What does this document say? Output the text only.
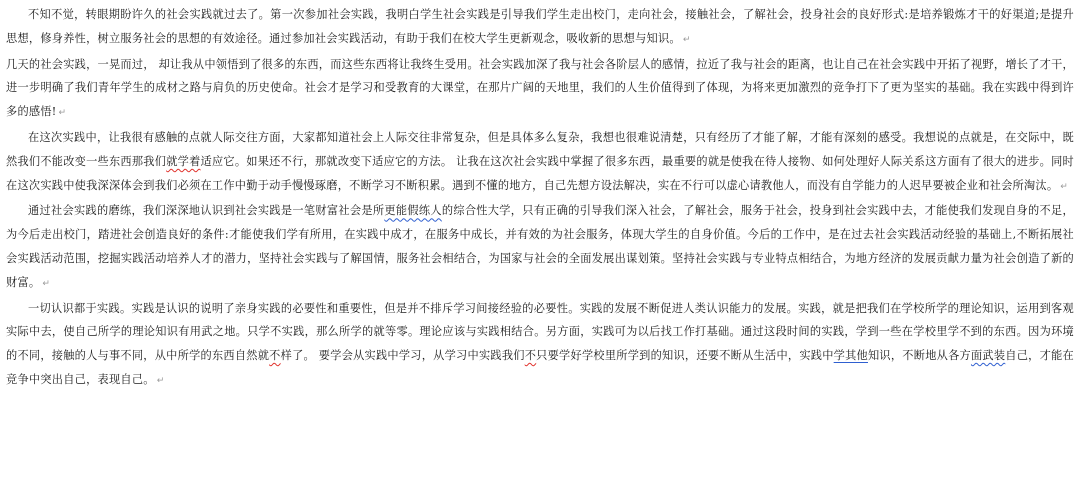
不知不觉，转眼期盼许久的社会实践就过去了。第一次参加社会实践，我明白学生社会实践是引导我们学生走出校门，走向社会，接触社会，了解社会，投身社会的良好形式:是培养锻炼才干的好渠道;是提升思想，修身养性，树立服务社会的思想的有效途径。通过参加社会实践活动，有助于我们在校大学生更新观念，吸收新的思想与知识。 ↵

几天的社会实践，一晃而过， 却让我从中领悟到了很多的东西，而这些东西将让我终生受用。社会实践加深了我与社会各阶层人的感情，拉近了我与社会的距离，也让自己在社会实践中开拓了视野，增长了才干，进一步明确了我们青年学生的成材之路与肩负的历史使命。社会才是学习和受教育的大课堂，在那片广阔的天地里，我们的人生价值得到了体现，为将来更加激烈的竞争打下了更为坚实的基础。我在实践中得到许多的感悟! ↵

在这次实践中，让我很有感触的点就人际交往方面，大家都知道社会上人际交往非常复杂，但是具体多么复杂，我想也很难说清楚，只有经历了才能了解，才能有深刻的感受。我想说的点就是，在交际中，既然我们不能改变一些东西那我们就学着适应它。如果还不行，那就改变下适应它的方法。 让我在这次社会实践中掌握了很多东西，最重要的就是使我在待人接物、如何处理好人际关系这方面有了很大的进步。同时在这次实践中使我深深体会到我们必须在工作中勤于动手慢慢琢磨，不断学习不断积累。遇到不懂的地方，自己先想方设法解决，实在不行可以虚心请教他人，而没有自学能力的人迟早要被企业和社会所淘汰。 ↵

通过社会实践的磨练，我们深深地认识到社会实践是一笔财富社会是所更能假练人的综合性大学，只有正确的引导我们深入社会，了解社会，服务于社会，投身到社会实践中去，才能使我们发现自身的不足，为今后走出校门，踏进社会创造良好的条件:才能使我们学有所用，在实践中成才，在服务中成长，并有效的为社会服务，体现大学生的自身价值。今后的工作中，是在过去社会实践活动经验的基础上,不断拓展社会实践活动范围，挖掘实践活动培养人才的潜力，坚持社会实践与了解国情，服务社会相结合，为国家与社会的全面发展出谋划策。坚持社会实践与专业特点相结合，为地方经济的发展贡献力量为社会创造了新的财富。 ↵

一切认识都于实践。实践是认识的说明了亲身实践的必要性和重要性，但是并不排斥学习间接经验的必要性。实践的发展不断促进人类认识能力的发展。实践，就是把我们在学校所学的理论知识，运用到客观实际中去，使自己所学的理论知识有用武之地。只学不实践，那么所学的就等零。理论应该与实践相结合。另方面，实践可为以后找工作打基础。通过这段时间的实践，学到一些在学校里学不到的东西。因为环境的不同，接触的人与事不同，从中所学的东西自然就不样了。 要学会从实践中学习，从学习中实践我们不只要学好学校里所学到的知识，还要不断从生活中，实践中学其他知识，不断地从各方面武装自己，才能在竞争中突出自己，表现自己。 ↵
